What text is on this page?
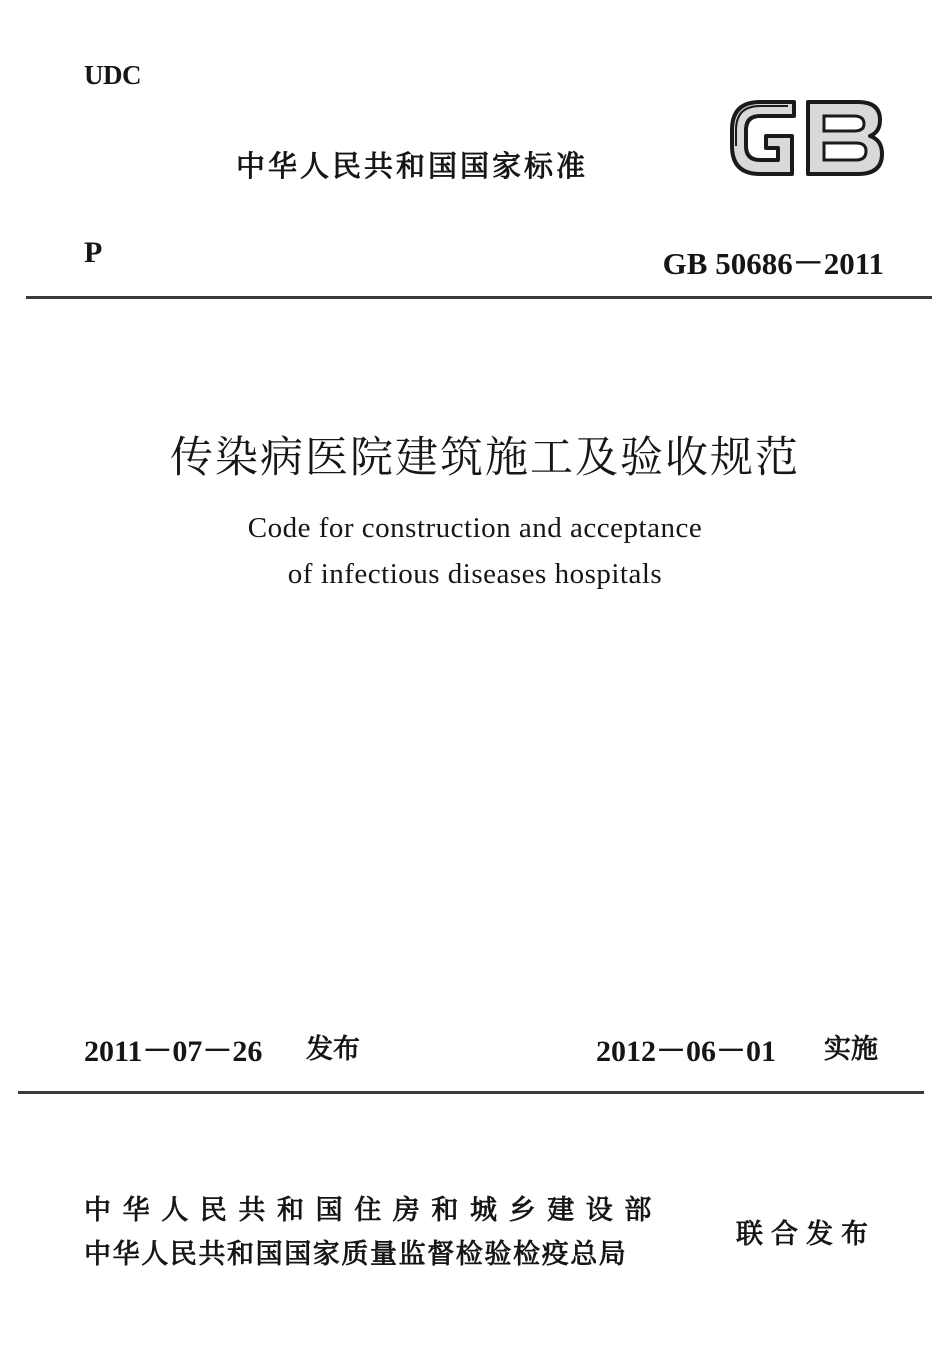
UDC
中华人民共和国国家标准
P	GB 50686－2011
传染病医院建筑施工及验收规范
Code for construction and acceptance
of infectious diseases hospitals
2011－07－26 发布	2012－06－01 实施
中华人民共和国住房和城乡建设部
中华人民共和国国家质量监督检验检疫总局
联合发布
